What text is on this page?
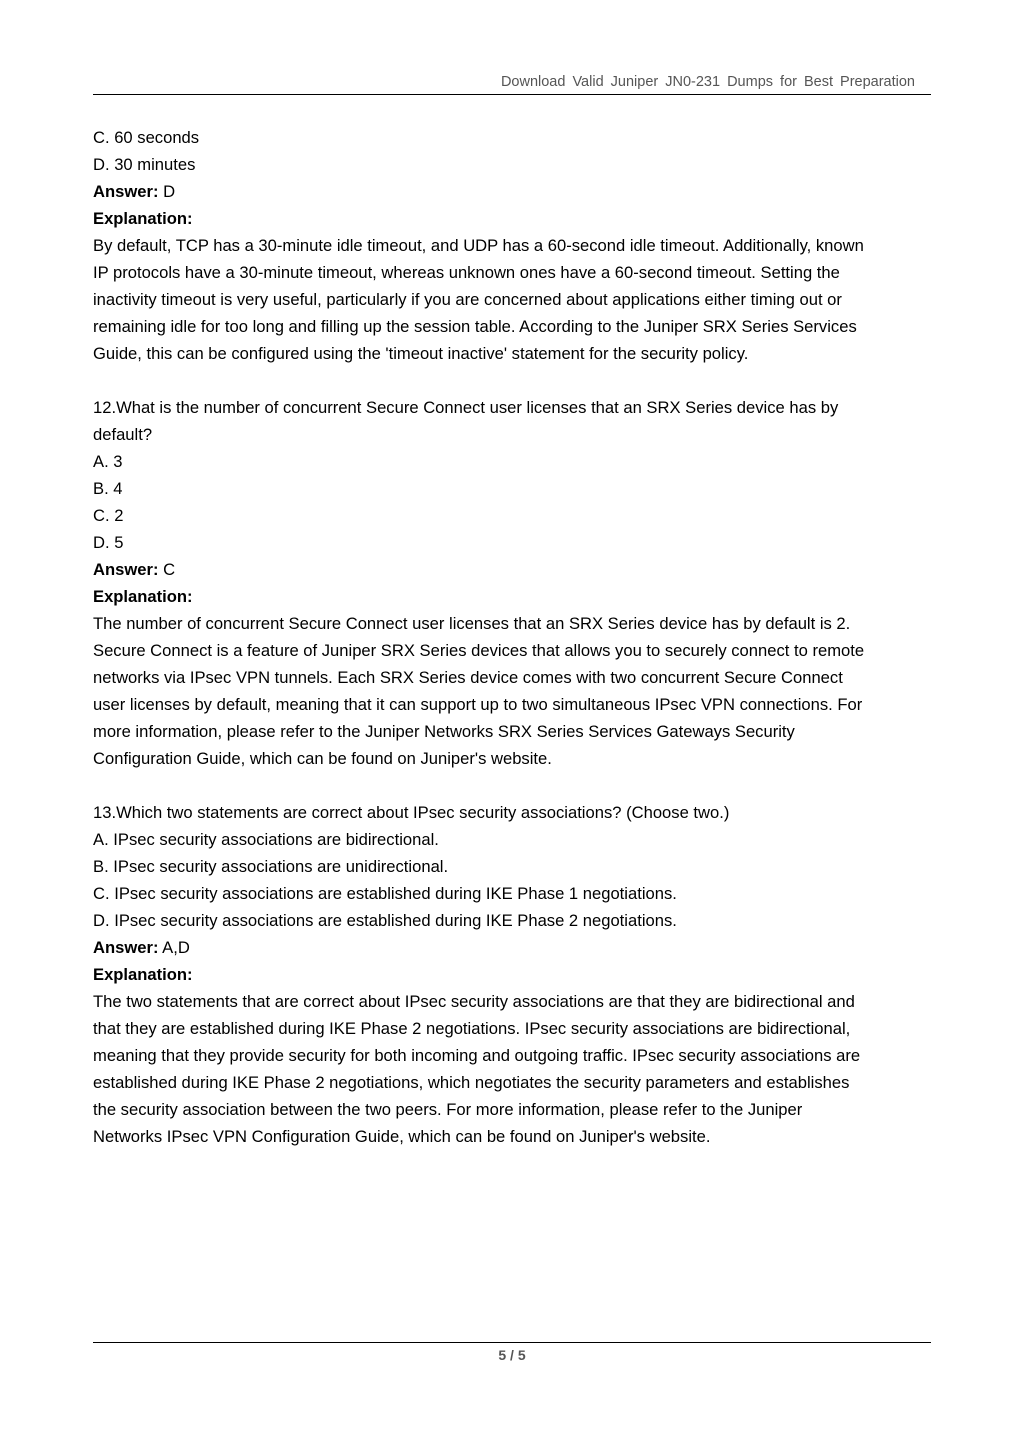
Download Valid Juniper JN0-231 Dumps for Best Preparation

C. 60 seconds

D. 30 minutes

Answer: D

Explanation:

By default, TCP has a 30-minute idle timeout, and UDP has a 60-second idle timeout. Additionally, known

IP protocols have a 30-minute timeout, whereas unknown ones have a 60-second timeout. Setting the

inactivity timeout is very useful, particularly if you are concerned about applications either timing out or

remaining idle for too long and filling up the session table. According to the Juniper SRX Series Services

Guide, this can be configured using the 'timeout inactive' statement for the security policy.

12.What is the number of concurrent Secure Connect user licenses that an SRX Series device has by

default?

A. 3

B. 4

C. 2

D. 5

Answer: C

Explanation:

The number of concurrent Secure Connect user licenses that an SRX Series device has by default is 2.

Secure Connect is a feature of Juniper SRX Series devices that allows you to securely connect to remote

networks via IPsec VPN tunnels. Each SRX Series device comes with two concurrent Secure Connect

user licenses by default, meaning that it can support up to two simultaneous IPsec VPN connections. For

more information, please refer to the Juniper Networks SRX Series Services Gateways Security

Configuration Guide, which can be found on Juniper's website.

13.Which two statements are correct about IPsec security associations? (Choose two.)

A. IPsec security associations are bidirectional.

B. IPsec security associations are unidirectional.

C. IPsec security associations are established during IKE Phase 1 negotiations.

D. IPsec security associations are established during IKE Phase 2 negotiations.

Answer: A,D

Explanation:

The two statements that are correct about IPsec security associations are that they are bidirectional and

that they are established during IKE Phase 2 negotiations. IPsec security associations are bidirectional,

meaning that they provide security for both incoming and outgoing traffic. IPsec security associations are

established during IKE Phase 2 negotiations, which negotiates the security parameters and establishes

the security association between the two peers. For more information, please refer to the Juniper

Networks IPsec VPN Configuration Guide, which can be found on Juniper's website.

5 / 5
